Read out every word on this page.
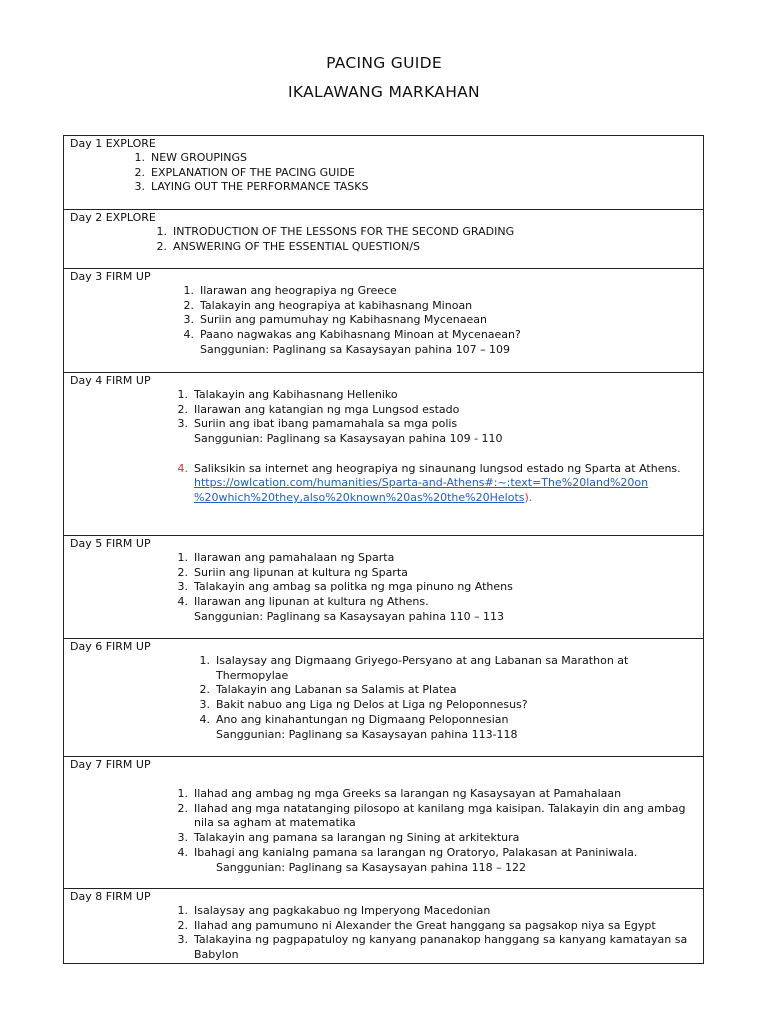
PACING GUIDE
IKALAWANG MARKAHAN
Day 1 EXPLORE
1. NEW GROUPINGS
2. EXPLANATION OF THE PACING GUIDE
3. LAYING OUT THE PERFORMANCE TASKS

Day 2 EXPLORE
1. INTRODUCTION OF THE LESSONS FOR THE SECOND GRADING
2. ANSWERING OF THE ESSENTIAL QUESTION/S

Day 3 FIRM UP
1. Ilarawan ang heograpiya ng Greece
2. Talakayin ang heograpiya at kabihasnang Minoan
3. Suriin ang pamumuhay ng Kabihasnang Mycenaean
4. Paano nagwakas ang Kabihasnang Minoan at Mycenaean?
Sanggunian: Paglinang sa Kasaysayan pahina 107 – 109

Day 4 FIRM UP
1. Talakayin ang Kabihasnang Helleniko
2. Ilarawan ang katangian ng mga Lungsod estado
3. Suriin ang ibat ibang pamamahala sa mga polis
Sanggunian: Paglinang sa Kasaysayan pahina 109 - 110

4. Saliksikin sa internet ang heograpiya ng sinaunang lungsod estado ng Sparta at Athens.
https://owlcation.com/humanities/Sparta-and-Athens#:~:text=The%20land%20on
%20which%20they,also%20known%20as%20the%20Helots).

Day 5 FIRM UP
1. Ilarawan ang pamahalaan ng Sparta
2. Suriin ang lipunan at kultura ng Sparta
3. Talakayin ang ambag sa politka ng mga pinuno ng Athens
4. Ilarawan ang lipunan at kultura ng Athens.
Sanggunian: Paglinang sa Kasaysayan pahina 110 – 113

Day 6 FIRM UP
1. Isalaysay ang Digmaang Griyego-Persyano at ang Labanan sa Marathon at Thermopylae
2. Talakayin ang Labanan sa Salamis at Platea
3. Bakit nabuo ang Liga ng Delos at Liga ng Peloponnesus?
4. Ano ang kinahantungan ng Digmaang Peloponnesian
Sanggunian: Paglinang sa Kasaysayan pahina 113-118

Day 7 FIRM UP
1. Ilahad ang ambag ng mga Greeks sa larangan ng Kasaysayan at Pamahalaan
2. Ilahad ang mga natatanging pilosopo at kanilang mga kaisipan. Talakayin din ang ambag nila sa agham at matematika
3. Talakayin ang pamana sa larangan ng Sining at arkitektura
4. Ibahagi ang kanialng pamana sa larangan ng Oratoryo, Palakasan at Paniniwala.
Sanggunian: Paglinang sa Kasaysayan pahina 118 – 122

Day 8 FIRM UP
1. Isalaysay ang pagkakabuo ng Imperyong Macedonian
2. Ilahad ang pamumuno ni Alexander the Great hanggang sa pagsakop niya sa Egypt
3. Talakayina ng pagpapatuloy ng kanyang pananakop hanggang sa kanyang kamatayan sa Babylon
